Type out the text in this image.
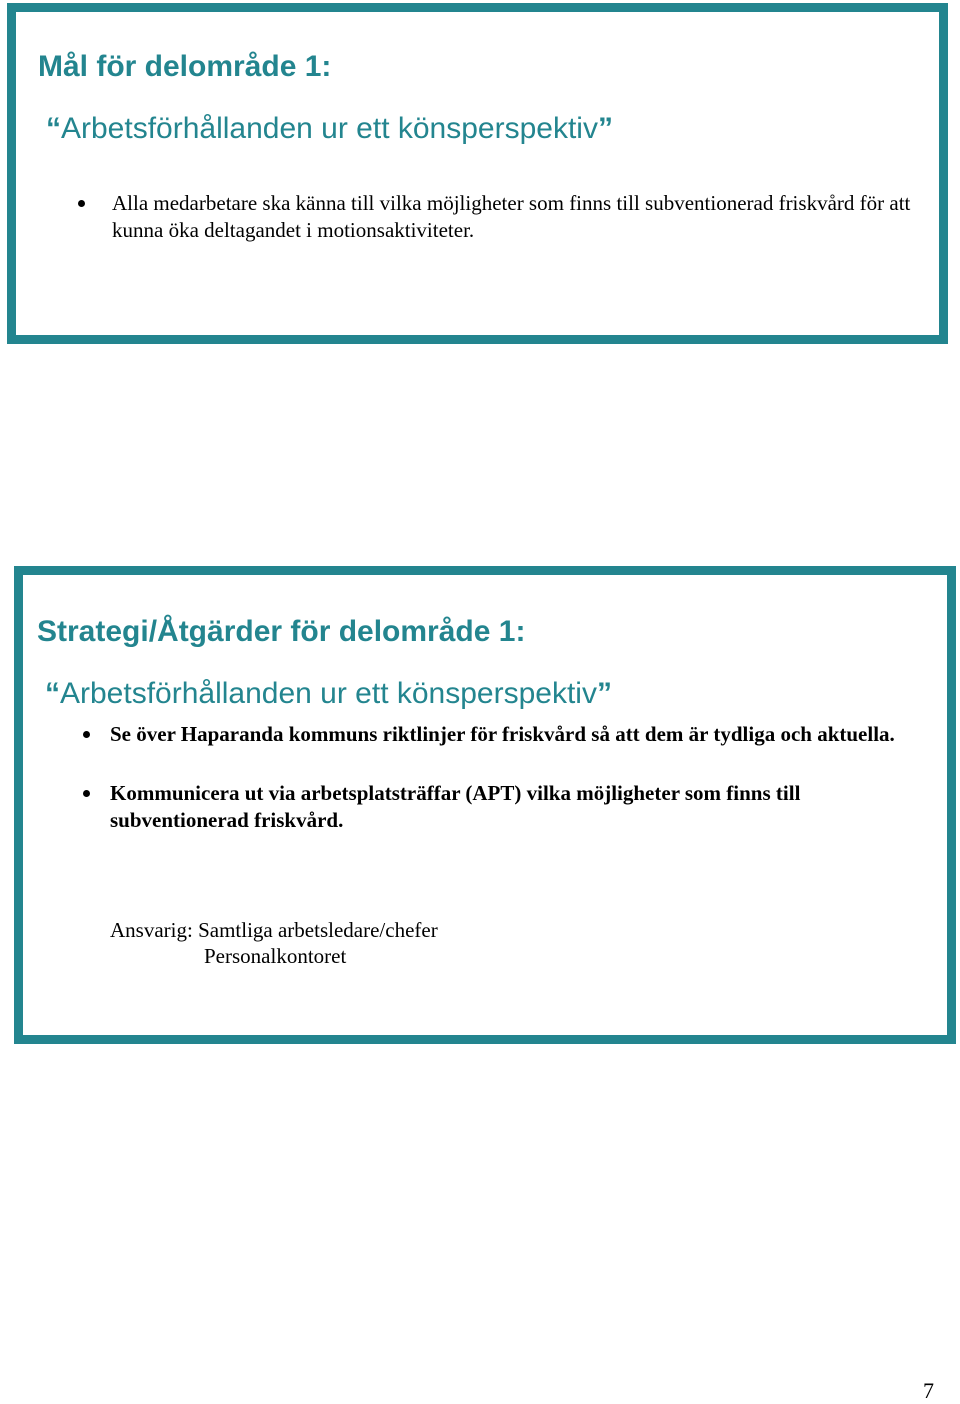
Mål för delområde 1:
“Arbetsförhållanden ur ett könsperspektiv”
Alla medarbetare ska känna till vilka möjligheter som finns till subventionerad friskvård för att kunna öka deltagandet i motionsaktiviteter.
Strategi/Åtgärder för delområde 1:
“Arbetsförhållanden ur ett könsperspektiv”
Se över Haparanda kommuns riktlinjer för friskvård så att dem är tydliga och aktuella.
Kommunicera ut via arbetsplatsträffar (APT) vilka möjligheter som finns till subventionerad friskvård.
Ansvarig: Samtliga arbetsledare/chefer
Personalkontoret
7
